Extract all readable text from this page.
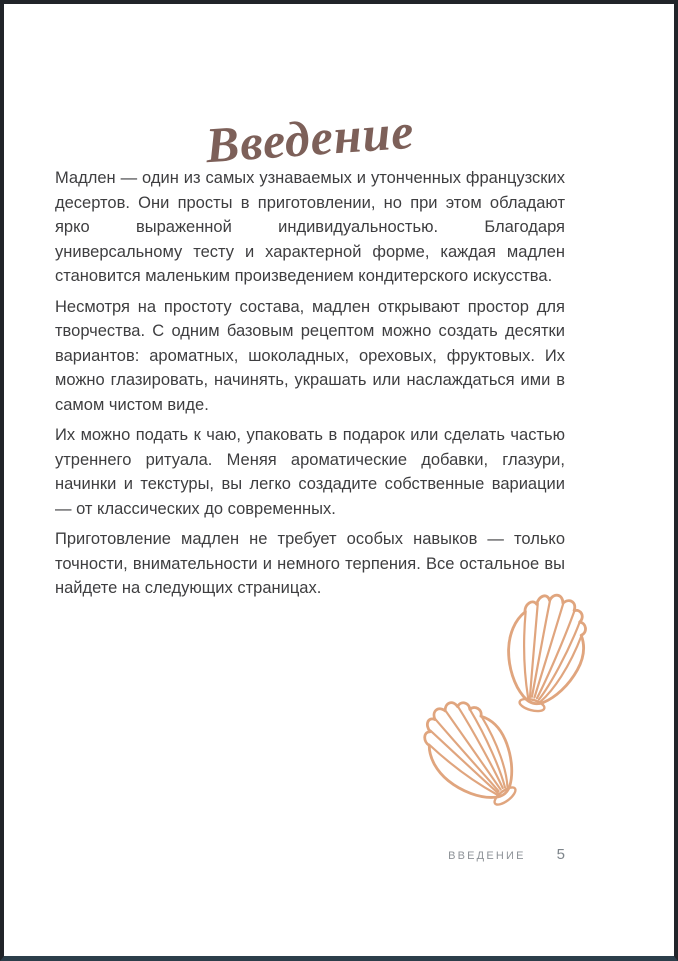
Введение

Мадлен — один из самых узнаваемых и утонченных французских десертов. Они просты в приготовлении, но при этом обладают ярко выраженной индивидуальностью. Благодаря универсальному тесту и характерной форме, каждая мадлен становится маленьким произведением кондитерского искусства.

Несмотря на простоту состава, мадлен открывают простор для творчества. С одним базовым рецептом можно создать десятки вариантов: ароматных, шоколадных, ореховых, фруктовых. Их можно глазировать, начинять, украшать или наслаждаться ими в самом чистом виде.

Их можно подать к чаю, упаковать в подарок или сделать частью утреннего ритуала. Меняя ароматические добавки, глазури, начинки и текстуры, вы легко создадите собственные вариации — от классических до современных.

Приготовление мадлен не требует особых навыков — только точности, внимательности и немного терпения. Все остальное вы найдете на следующих страницах.

ВВЕДЕНИЕ 5
